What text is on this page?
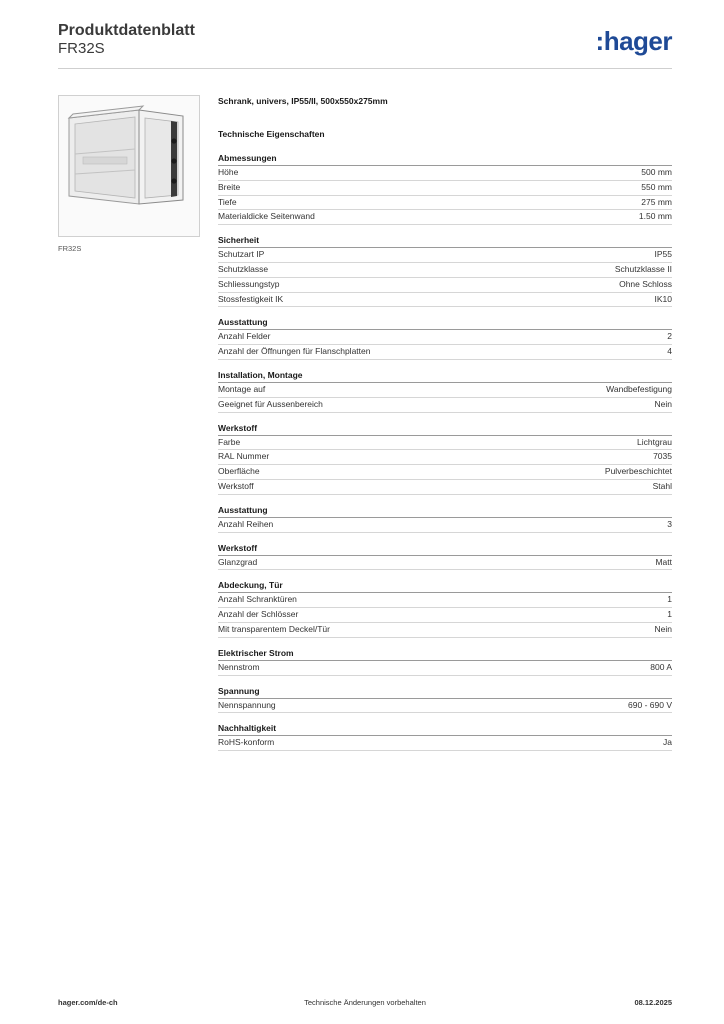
Produktdatenblatt
FR32S	:hager
FR32S
Schrank, univers, IP55/II, 500x550x275mm
Technische Eigenschaften
Abmessungen
Höhe	500 mm
Breite	550 mm
Tiefe	275 mm
Materialdicke Seitenwand	1.50 mm
Sicherheit
Schutzart IP	IP55
Schutzklasse	Schutzklasse II
Schliessungstyp	Ohne Schloss
Stossfestigkeit IK	IK10
Ausstattung
Anzahl Felder	2
Anzahl der Öffnungen für Flanschplatten	4
Installation, Montage
Montage auf	Wandbefestigung
Geeignet für Aussenbereich	Nein
Werkstoff
Farbe	Lichtgrau
RAL Nummer	7035
Oberfläche	Pulverbeschichtet
Werkstoff	Stahl
Ausstattung
Anzahl Reihen	3
Werkstoff
Glanzgrad	Matt
Abdeckung, Tür
Anzahl Schranktüren	1
Anzahl der Schlösser	1
Mit transparentem Deckel/Tür	Nein
Elektrischer Strom
Nennstrom	800 A
Spannung
Nennspannung	690 - 690 V
Nachhaltigkeit
RoHS-konform	Ja
hager.com/de-ch	Technische Änderungen vorbehalten	08.12.2025
